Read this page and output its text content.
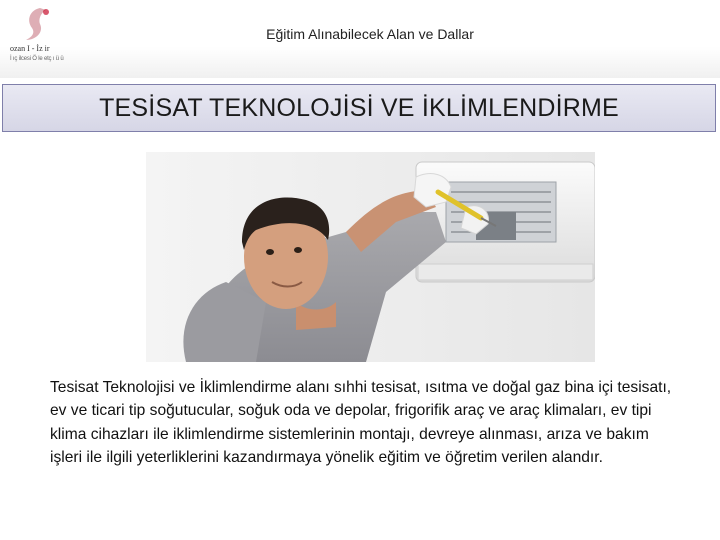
ozan I - İz ir
İ ıç ilcesi Ö le etç ı ü ü
Eğitim Alınabilecek Alan ve Dallar
TESİSAT TEKNOLOJİSİ VE İKLİMLENDİRME
Tesisat Teknolojisi ve İklimlendirme alanı sıhhi tesisat, ısıtma ve doğal gaz bina içi tesisatı, ev ve ticari tip soğutucular, soğuk oda ve depolar, frigorifik araç ve araç klimaları, ev tipi klima cihazları ile iklimlendirme sistemlerinin montajı, devreye alınması, arıza ve bakım işleri ile ilgili yeterliklerini kazandırmaya yönelik eğitim ve öğretim verilen alandır.
